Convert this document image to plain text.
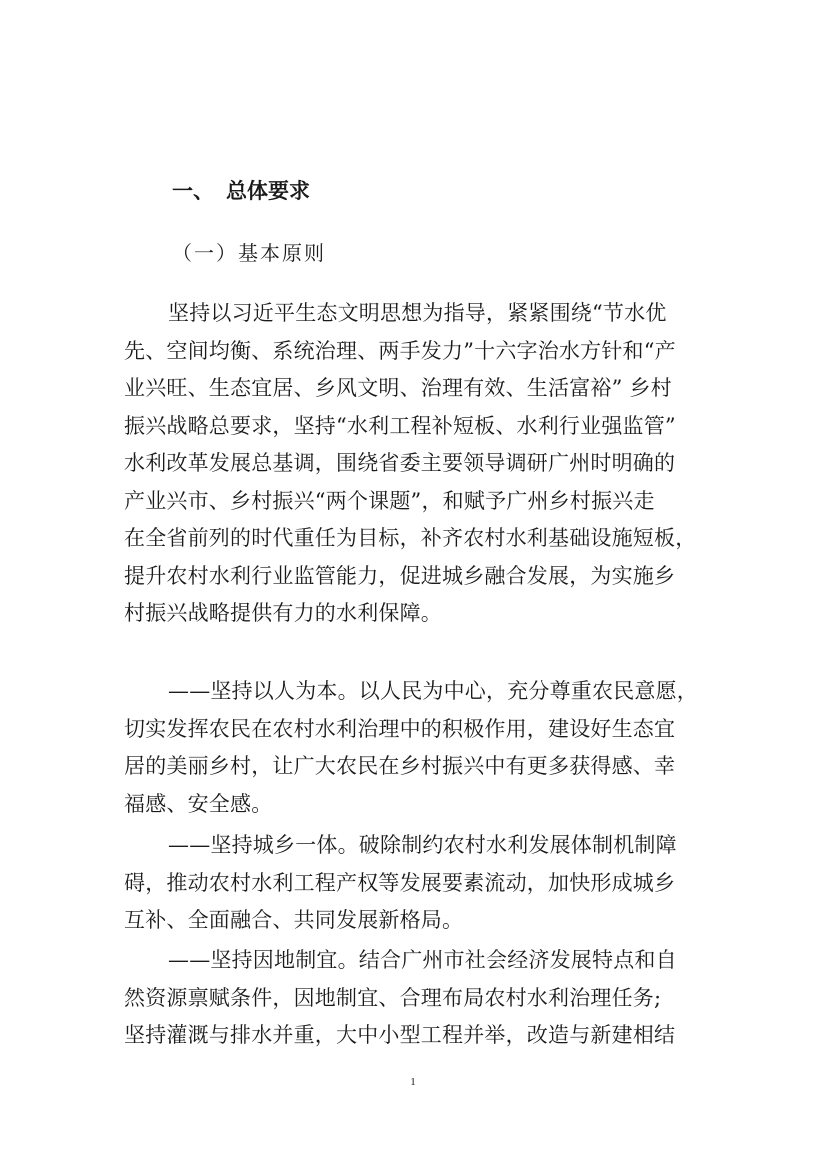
一、 总体要求
（一）基本原则
坚持以习近平生态文明思想为指导，紧紧围绕“节水优
先、空间均衡、系统治理、两手发力”十六字治水方针和“产
业兴旺、生态宜居、乡风文明、治理有效、生活富裕” 乡村
振兴战略总要求，坚持“水利工程补短板、水利行业强监管”
水利改革发展总基调，围绕省委主要领导调研广州时明确的
产业兴市、乡村振兴“两个课题”，和赋予广州乡村振兴走
在全省前列的时代重任为目标，补齐农村水利基础设施短板，
提升农村水利行业监管能力，促进城乡融合发展，为实施乡
村振兴战略提供有力的水利保障。
——坚持以人为本。以人民为中心，充分尊重农民意愿，
切实发挥农民在农村水利治理中的积极作用，建设好生态宜
居的美丽乡村，让广大农民在乡村振兴中有更多获得感、幸
福感、安全感。
——坚持城乡一体。破除制约农村水利发展体制机制障
碍，推动农村水利工程产权等发展要素流动，加快形成城乡
互补、全面融合、共同发展新格局。
——坚持因地制宜。结合广州市社会经济发展特点和自
然资源禀赋条件，因地制宜、合理布局农村水利治理任务;
坚持灌溉与排水并重，大中小型工程并举，改造与新建相结
1
